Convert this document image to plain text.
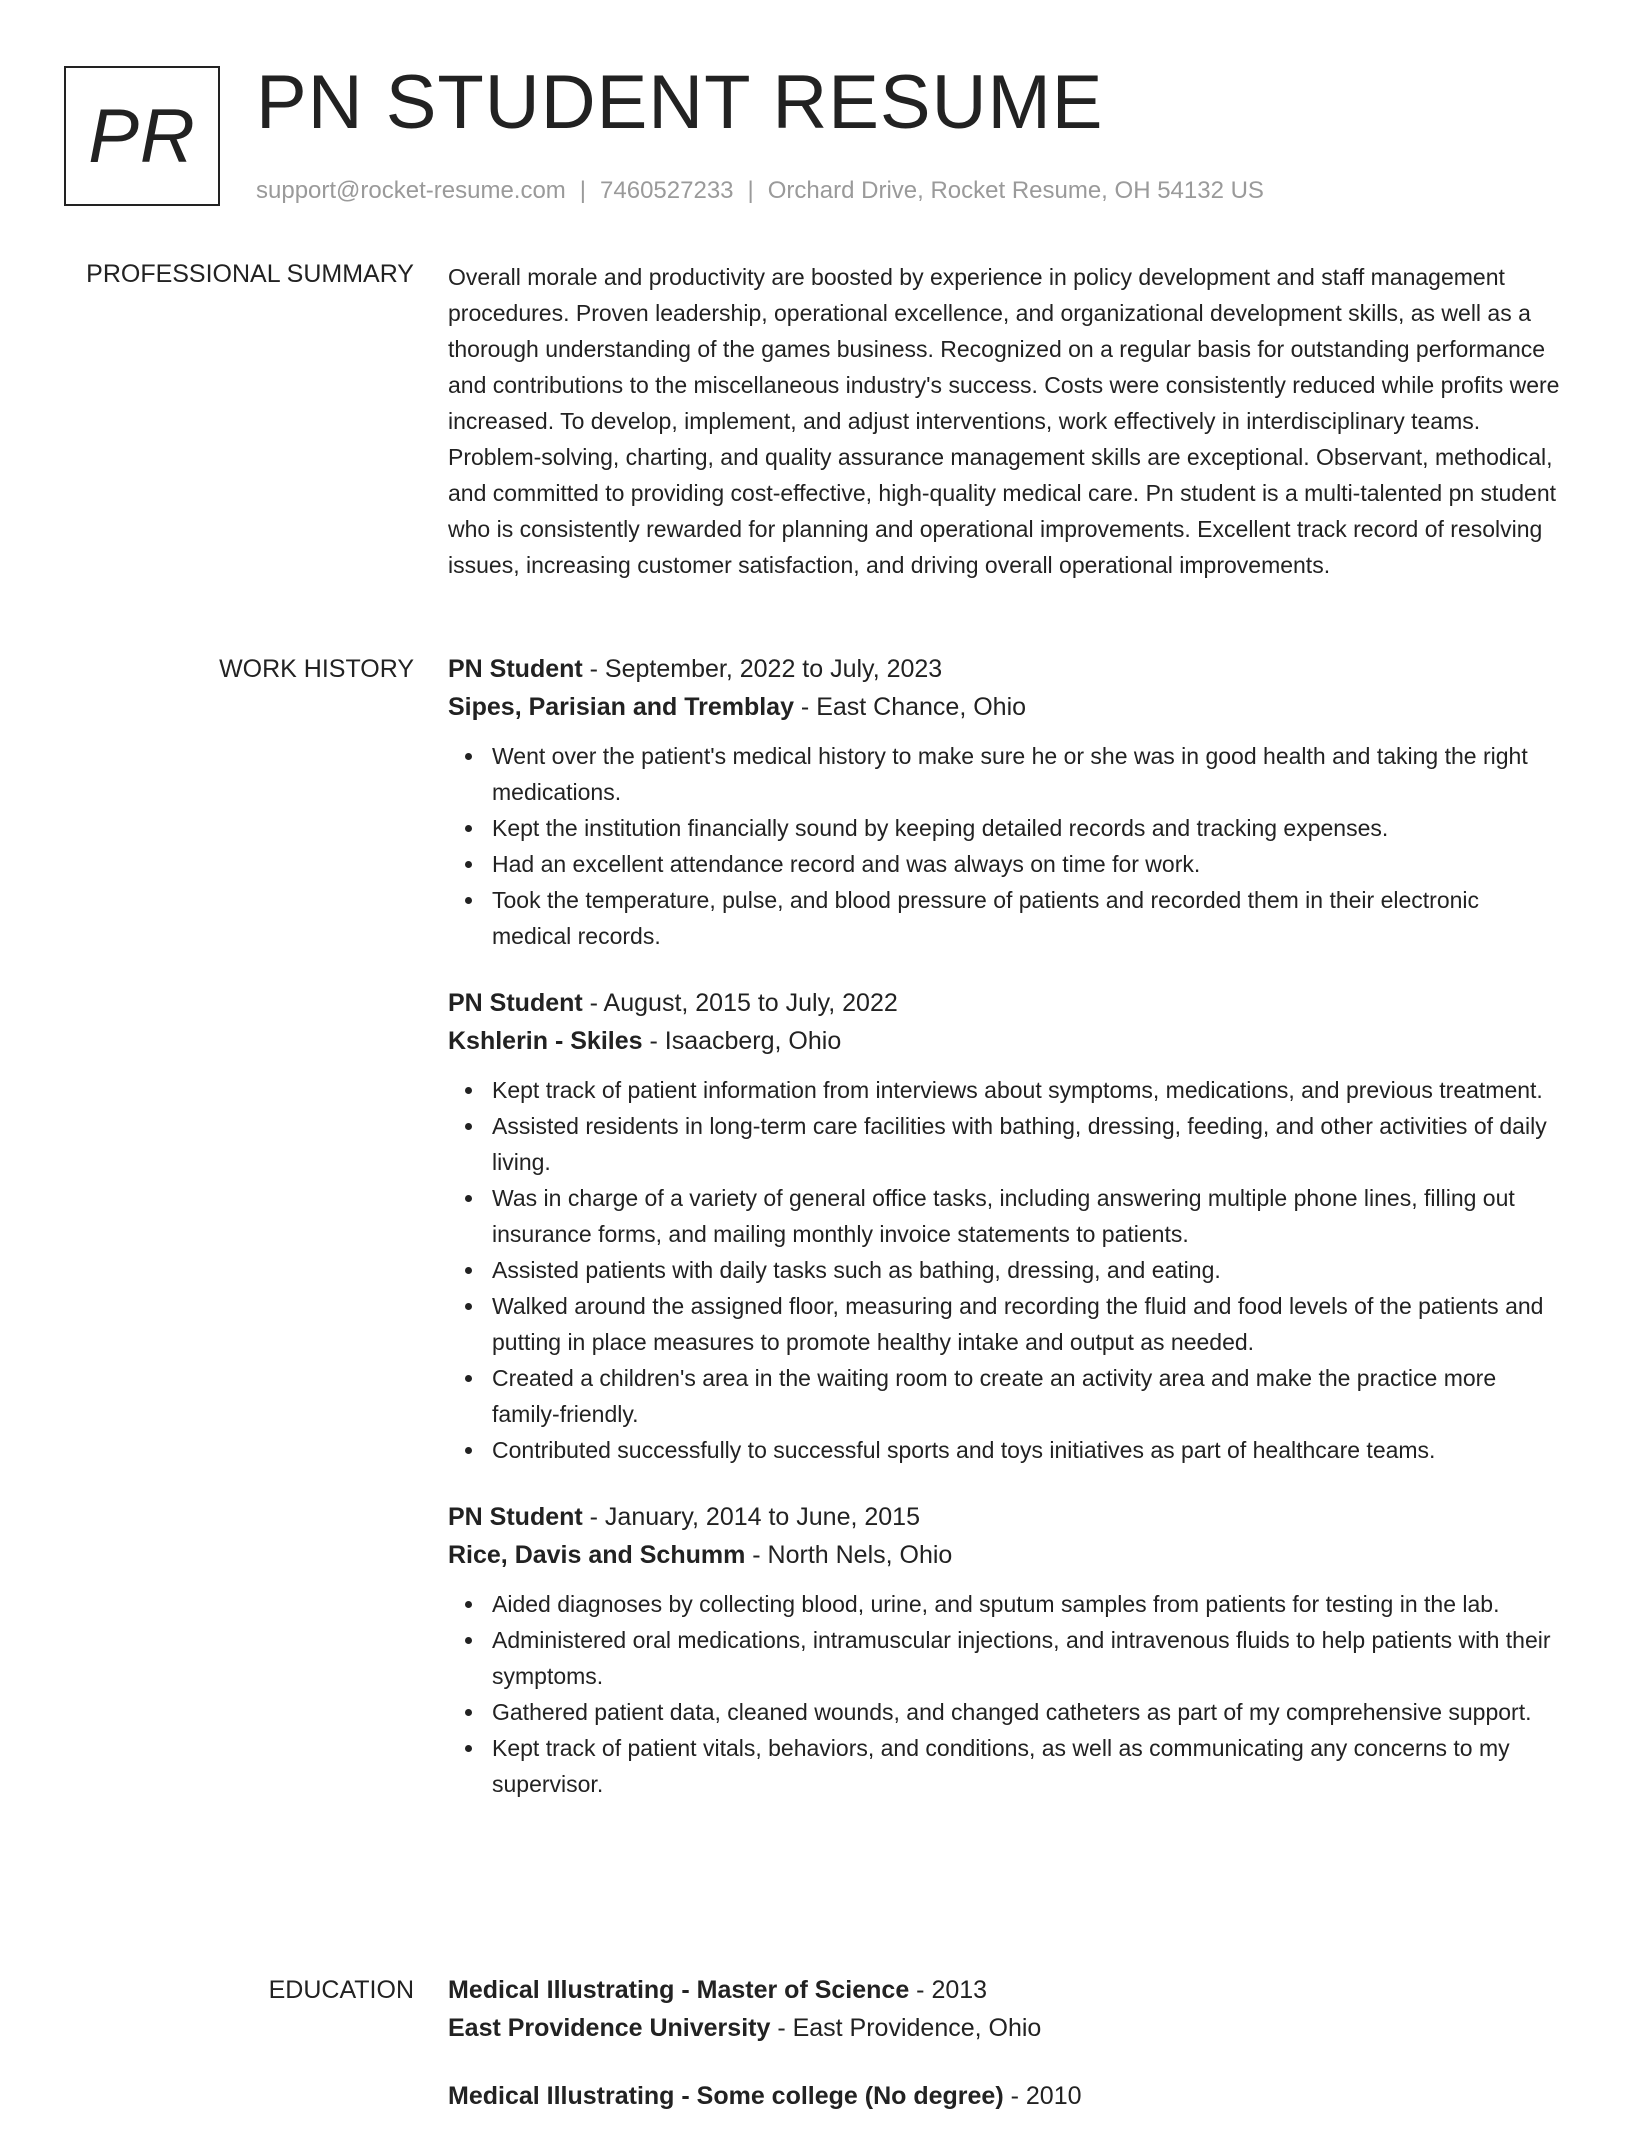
PR PN STUDENT RESUME
support@rocket-resume.com | 7460527233 | Orchard Drive, Rocket Resume, OH 54132 US
PROFESSIONAL SUMMARY Overall morale and productivity are boosted by experience in policy development and staff management procedures. Proven leadership, operational excellence, and organizational development skills, as well as a thorough understanding of the games business. Recognized on a regular basis for outstanding performance and contributions to the miscellaneous industry's success. Costs were consistently reduced while profits were increased. To develop, implement, and adjust interventions, work effectively in interdisciplinary teams. Problem-solving, charting, and quality assurance management skills are exceptional. Observant, methodical, and committed to providing cost-effective, high-quality medical care. Pn student is a multi-talented pn student who is consistently rewarded for planning and operational improvements. Excellent track record of resolving issues, increasing customer satisfaction, and driving overall operational improvements.

WORK HISTORY PN Student - September, 2022 to July, 2023
Sipes, Parisian and Tremblay - East Chance, Ohio
Went over the patient's medical history to make sure he or she was in good health and taking the right medications.
Kept the institution financially sound by keeping detailed records and tracking expenses.
Had an excellent attendance record and was always on time for work.
Took the temperature, pulse, and blood pressure of patients and recorded them in their electronic medical records.
PN Student - August, 2015 to July, 2022
Kshlerin - Skiles - Isaacberg, Ohio
Kept track of patient information from interviews about symptoms, medications, and previous treatment.
Assisted residents in long-term care facilities with bathing, dressing, feeding, and other activities of daily living.
Was in charge of a variety of general office tasks, including answering multiple phone lines, filling out insurance forms, and mailing monthly invoice statements to patients.
Assisted patients with daily tasks such as bathing, dressing, and eating.
Walked around the assigned floor, measuring and recording the fluid and food levels of the patients and putting in place measures to promote healthy intake and output as needed.
Created a children's area in the waiting room to create an activity area and make the practice more family-friendly.
Contributed successfully to successful sports and toys initiatives as part of healthcare teams.
PN Student - January, 2014 to June, 2015
Rice, Davis and Schumm - North Nels, Ohio
Aided diagnoses by collecting blood, urine, and sputum samples from patients for testing in the lab.
Administered oral medications, intramuscular injections, and intravenous fluids to help patients with their symptoms.
Gathered patient data, cleaned wounds, and changed catheters as part of my comprehensive support.
Kept track of patient vitals, behaviors, and conditions, as well as communicating any concerns to my supervisor.
EDUCATION Medical Illustrating - Master of Science - 2013
East Providence University - East Providence, Ohio
Medical Illustrating - Some college (No degree) - 2010
